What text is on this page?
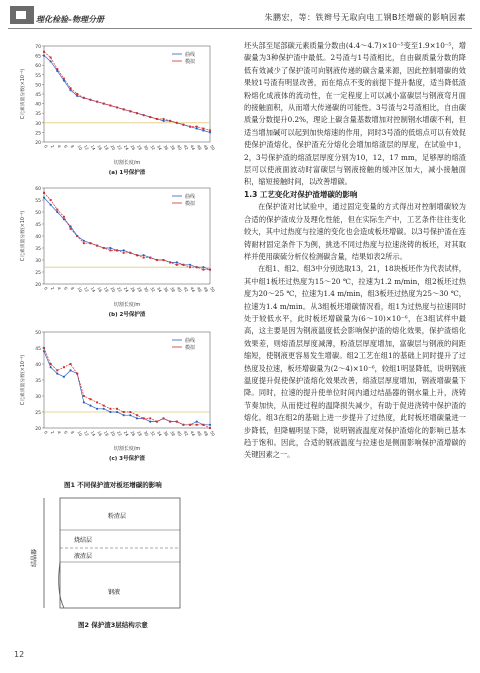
理化检验–物理分册	朱鹏宏，等：铁辫号无取向电工钢B坯增碳的影响因素
20
25
30
35
40
45
50
55
60
65
70
0 2 4 6 8 10 12 14 16 18 20 22 24 26 28 30 32 34 36 38 40 42 44 46 48 50
曲线
模拟
C元素质量分数(×10⁻⁶)
切割长度/m
(a) 1号保护渣
20
25
30
35
40
45
50
55
60
0 2 4 6 8 10 12 14 16 18 20 22 24 26 28 30 32 34 36 38 40 42 44 46 48 50
曲线
模拟
C元素质量分数(×10⁻⁶)
切割长度/m
(b) 2号保护渣
20
25
30
35
40
45
50
0 2 4 6 8 10 12 14 16 18 20 22 24 26 28 30 32 34 36 38 40 42 44 46 48 50
曲线
模拟
C元素质量分数(×10⁻⁶)
切割长度/m
(c) 3号保护渣
图1 不同保护渣对板坯增碳的影响
粉渣层
烧结层
液渣层
钢液
结晶器
图2 保护渣3层结构示意
12

坯头部至尾部碳元素质量分数由(4.4～4.7)×10⁻⁵变至1.9×10⁻⁵，增碳量为3种保护渣中最低。2号渣与1号渣相比，自由碳质量分数的降低有效减少了保护渣可向钢液传递的碳含量来源，因此控制增碳的效果较1号渣有明显改善，而在熔点不变的前提下提升黏度，适当降低渣粉熔化成液体的流动性，在一定程度上可以减小富碳层与钢液弯月面的接触面积，从而增大传递碳的可能性。3号渣与2号渣相比，自由碳质量分数提升0.2%，理论上碳含量基数增加对控制钢水增碳不利，但适当增加碱可以起到加快熔速的作用，同时3号渣的低熔点可以有效促使保护渣熔化，保护渣充分熔化会增加熔渣层的厚度，在试验中1，2，3号保护渣的熔渣层厚度分别为10，12，17 mm，足够厚的熔渣层可以使液面波动时富碳层与钢液接触的缓冲区加大，减小接触面积，缩短接触时间，以改善增碳。

1.3 工艺变化对保护渣增碳的影响

在保护渣对比试验中，通过固定变量的方式得出对控制增碳较为合适的保护渣成分及理化性能，但在实际生产中，工艺条件往往变化较大，其中过热度与拉速的变化也会造成板坯增碳。以3号保护渣在连铸耐材固定条件下为例，挑选不同过热度与拉速浇铸的板坯，对其取样并使用碳硫分析仪检测碳含量，结果如表2所示。

在组1、组2、组3中分别选取13，21，18块板坯作为代表试样，其中组1板坯过热度为15～20 ℃，拉速为1.2 m/min，组2板坯过热度为20～25 ℃，拉速为1.4 m/min，组3板坯过热度为25～30 ℃，拉速为1.4 m/min。从3组板坯增碳情况看，组1为过热度与拉速同时处于较低水平，此时板坯增碳量为(6～10)×10⁻⁶，在3组试样中最高，这主要是因为钢液温度低会影响保护渣的熔化效果，保护渣熔化效果差，则熔渣层厚度减薄，粉渣层厚度增加，富碳层与钢液的间距缩短，使钢液更容易发生增碳。组2工艺在组1的基础上同时提升了过热度及拉速，板坯增碳量为(2～4)×10⁻⁶，较组1明显降低，说明钢液温度提升促使保护渣熔化效果改善，熔渣层厚度增加，钢液增碳量下降。同时，拉速的提升使单位时间内通过结晶器的钢水量上升，浇铸节奏加快，从而使过程的温降损失减少，有助于促进浇铸中保护渣的熔化。组3在组2的基础上进一步提升了过热度，此时板坯增碳量进一步降低，但降幅明显下降，说明钢液温度对保护渣熔化的影响已基本趋于饱和。因此，合适的钢液温度与拉速也是侧面影响保护渣增碳的关键因素之一。
